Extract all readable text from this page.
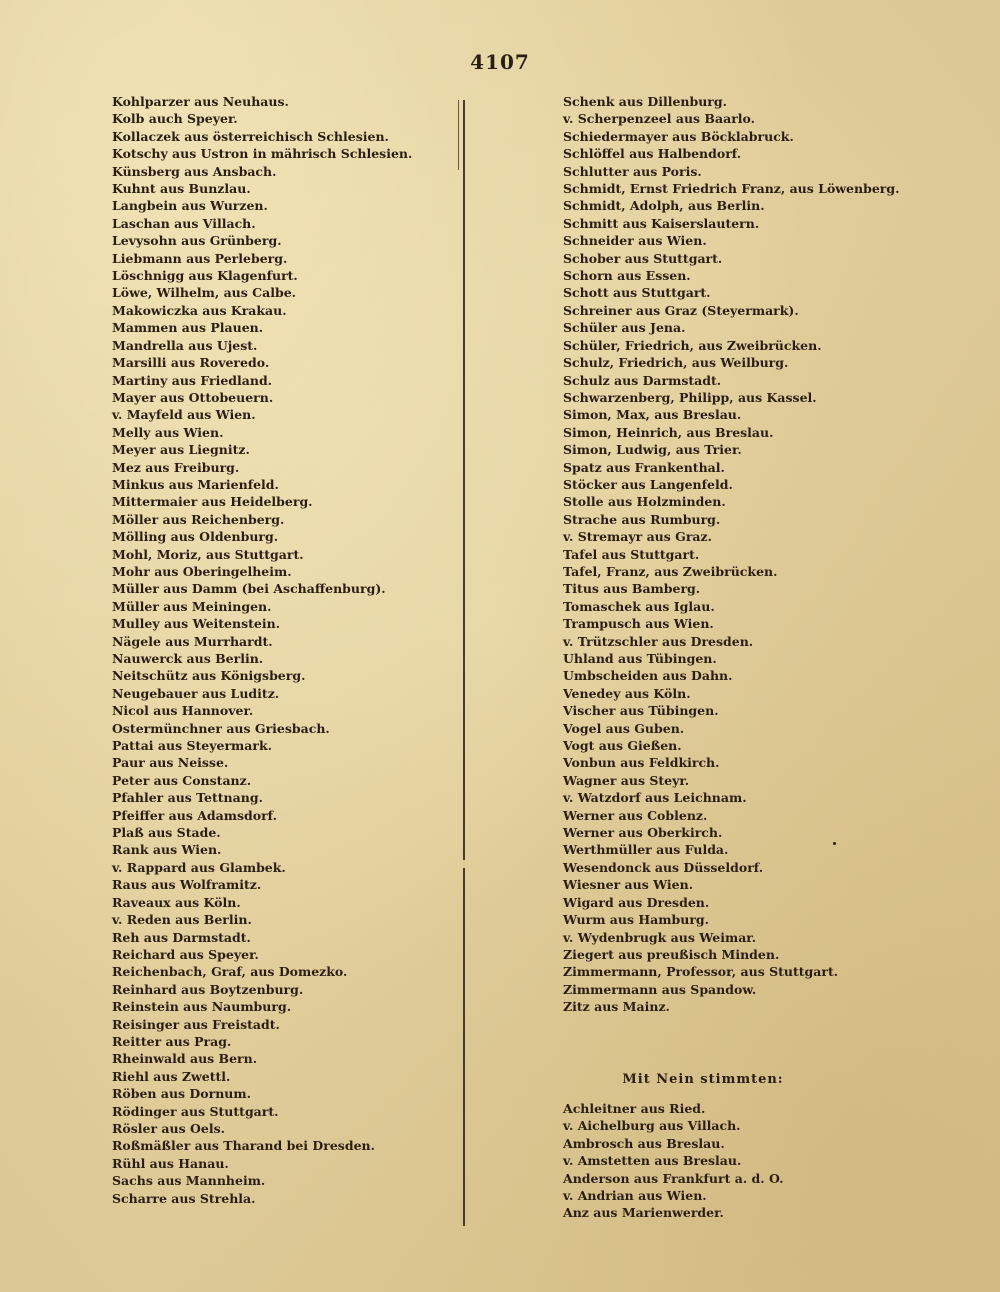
4107
Kohlparzer aus Neuhaus.
Kolb auch Speyer.
Kollaczek aus österreichisch Schlesien.
Kotschy aus Ustron in mährisch Schlesien.
Künsberg aus Ansbach.
Kuhnt aus Bunzlau.
Langbein aus Wurzen.
Laschan aus Villach.
Levysohn aus Grünberg.
Liebmann aus Perleberg.
Löschnigg aus Klagenfurt.
Löwe, Wilhelm, aus Calbe.
Makowiczka aus Krakau.
Mammen aus Plauen.
Mandrella aus Ujest.
Marsilli aus Roveredo.
Martiny aus Friedland.
Mayer aus Ottobeuern.
v. Mayfeld aus Wien.
Melly aus Wien.
Meyer aus Liegnitz.
Mez aus Freiburg.
Minkus aus Marienfeld.
Mittermaier aus Heidelberg.
Möller aus Reichenberg.
Mölling aus Oldenburg.
Mohl, Moriz, aus Stuttgart.
Mohr aus Oberingelheim.
Müller aus Damm (bei Aschaffenburg).
Müller aus Meiningen.
Mulley aus Weitenstein.
Nägele aus Murrhardt.
Nauwerck aus Berlin.
Neitschütz aus Königsberg.
Neugebauer aus Luditz.
Nicol aus Hannover.
Ostermünchner aus Griesbach.
Pattai aus Steyermark.
Paur aus Neisse.
Peter aus Constanz.
Pfahler aus Tettnang.
Pfeiffer aus Adamsdorf.
Plaß aus Stade.
Rank aus Wien.
v. Rappard aus Glambek.
Raus aus Wolframitz.
Raveaux aus Köln.
v. Reden aus Berlin.
Reh aus Darmstadt.
Reichard aus Speyer.
Reichenbach, Graf, aus Domezko.
Reinhard aus Boytzenburg.
Reinstein aus Naumburg.
Reisinger aus Freistadt.
Reitter aus Prag.
Rheinwald aus Bern.
Riehl aus Zwettl.
Röben aus Dornum.
Rödinger aus Stuttgart.
Rösler aus Oels.
Roßmäßler aus Tharand bei Dresden.
Rühl aus Hanau.
Sachs aus Mannheim.
Scharre aus Strehla.
Schenk aus Dillenburg.
v. Scherpenzeel aus Baarlo.
Schiedermayer aus Böcklabruck.
Schlöffel aus Halbendorf.
Schlutter aus Poris.
Schmidt, Ernst Friedrich Franz, aus Löwenberg.
Schmidt, Adolph, aus Berlin.
Schmitt aus Kaiserslautern.
Schneider aus Wien.
Schober aus Stuttgart.
Schorn aus Essen.
Schott aus Stuttgart.
Schreiner aus Graz (Steyermark).
Schüler aus Jena.
Schüler, Friedrich, aus Zweibrücken.
Schulz, Friedrich, aus Weilburg.
Schulz aus Darmstadt.
Schwarzenberg, Philipp, aus Kassel.
Simon, Max, aus Breslau.
Simon, Heinrich, aus Breslau.
Simon, Ludwig, aus Trier.
Spatz aus Frankenthal.
Stöcker aus Langenfeld.
Stolle aus Holzminden.
Strache aus Rumburg.
v. Stremayr aus Graz.
Tafel aus Stuttgart.
Tafel, Franz, aus Zweibrücken.
Titus aus Bamberg.
Tomaschek aus Iglau.
Trampusch aus Wien.
v. Trützschler aus Dresden.
Uhland aus Tübingen.
Umbscheiden aus Dahn.
Venedey aus Köln.
Vischer aus Tübingen.
Vogel aus Guben.
Vogt aus Gießen.
Vonbun aus Feldkirch.
Wagner aus Steyr.
v. Watzdorf aus Leichnam.
Werner aus Coblenz.
Werner aus Oberkirch.
Werthmüller aus Fulda.
Wesendonck aus Düsseldorf.
Wiesner aus Wien.
Wigard aus Dresden.
Wurm aus Hamburg.
v. Wydenbrugk aus Weimar.
Ziegert aus preußisch Minden.
Zimmermann, Professor, aus Stuttgart.
Zimmermann aus Spandow.
Zitz aus Mainz.
Mit Nein stimmten:
Achleitner aus Ried.
v. Aichelburg aus Villach.
Ambrosch aus Breslau.
v. Amstetten aus Breslau.
Anderson aus Frankfurt a. d. O.
v. Andrian aus Wien.
Anz aus Marienwerder.
